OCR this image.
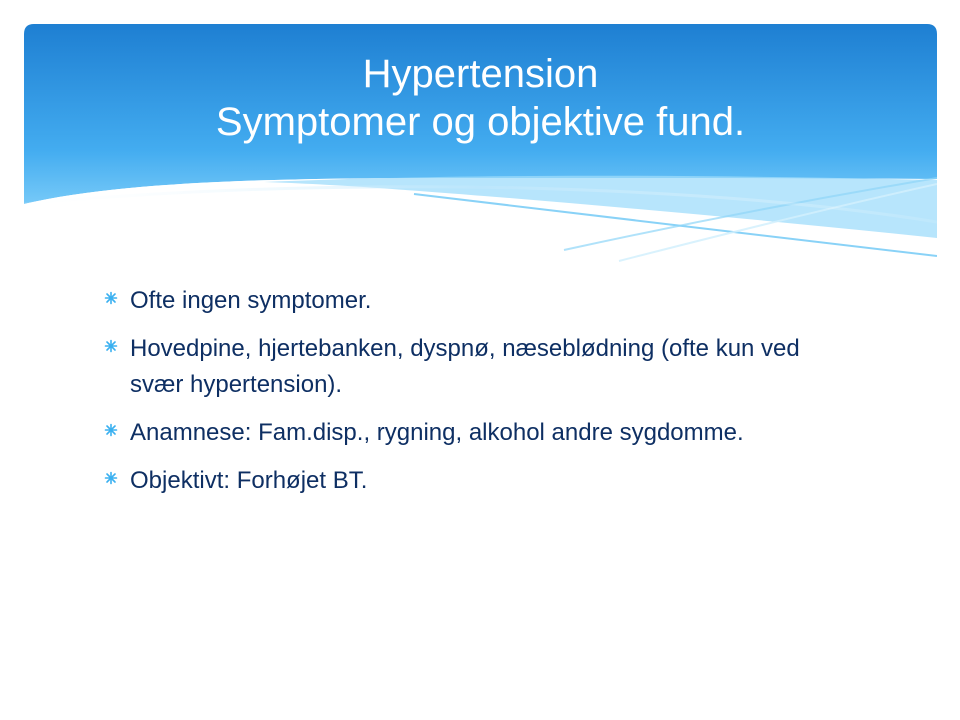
Hypertension
Symptomer og objektive fund.
Ofte ingen symptomer.
Hovedpine, hjertebanken, dyspnø, næseblødning (ofte kun ved svær hypertension).
Anamnese: Fam.disp., rygning, alkohol andre sygdomme.
Objektivt: Forhøjet BT.
